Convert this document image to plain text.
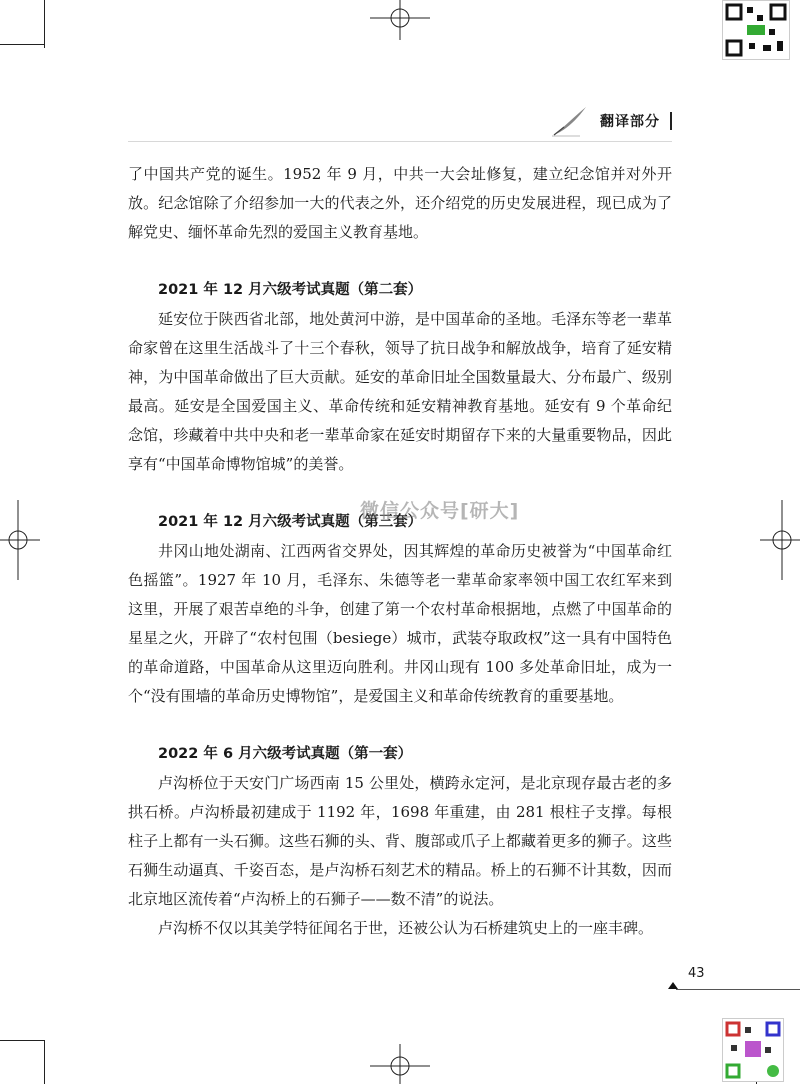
翻译部分

了中国共产党的诞生。1952 年 9 月，中共一大会址修复，建立纪念馆并对外开放。纪念馆除了介绍参加一大的代表之外，还介绍党的历史发展进程，现已成为了解党史、缅怀革命先烈的爱国主义教育基地。

2021 年 12 月六级考试真题（第二套）

延安位于陕西省北部，地处黄河中游，是中国革命的圣地。毛泽东等老一辈革命家曾在这里生活战斗了十三个春秋，领导了抗日战争和解放战争，培育了延安精神，为中国革命做出了巨大贡献。延安的革命旧址全国数量最大、分布最广、级别最高。延安是全国爱国主义、革命传统和延安精神教育基地。延安有 9 个革命纪念馆，珍藏着中共中央和老一辈革命家在延安时期留存下来的大量重要物品，因此享有“中国革命博物馆城”的美誉。

2021 年 12 月六级考试真题（第三套）

井冈山地处湖南、江西两省交界处，因其辉煌的革命历史被誉为“中国革命红色摇篮”。1927 年 10 月，毛泽东、朱德等老一辈革命家率领中国工农红军来到这里，开展了艰苦卓绝的斗争，创建了第一个农村革命根据地，点燃了中国革命的星星之火，开辟了“农村包围（besiege）城市，武装夺取政权”这一具有中国特色的革命道路，中国革命从这里迈向胜利。井冈山现有 100 多处革命旧址，成为一个“没有围墙的革命历史博物馆”，是爱国主义和革命传统教育的重要基地。

2022 年 6 月六级考试真题（第一套）

卢沟桥位于天安门广场西南 15 公里处，横跨永定河，是北京现存最古老的多拱石桥。卢沟桥最初建成于 1192 年，1698 年重建，由 281 根柱子支撑。每根柱子上都有一头石狮。这些石狮的头、背、腹部或爪子上都藏着更多的狮子。这些石狮生动逼真、千姿百态，是卢沟桥石刻艺术的精品。桥上的石狮不计其数，因而北京地区流传着“卢沟桥上的石狮子——数不清”的说法。

卢沟桥不仅以其美学特征闻名于世，还被公认为石桥建筑史上的一座丰碑。

微信公众号[研大]
43
